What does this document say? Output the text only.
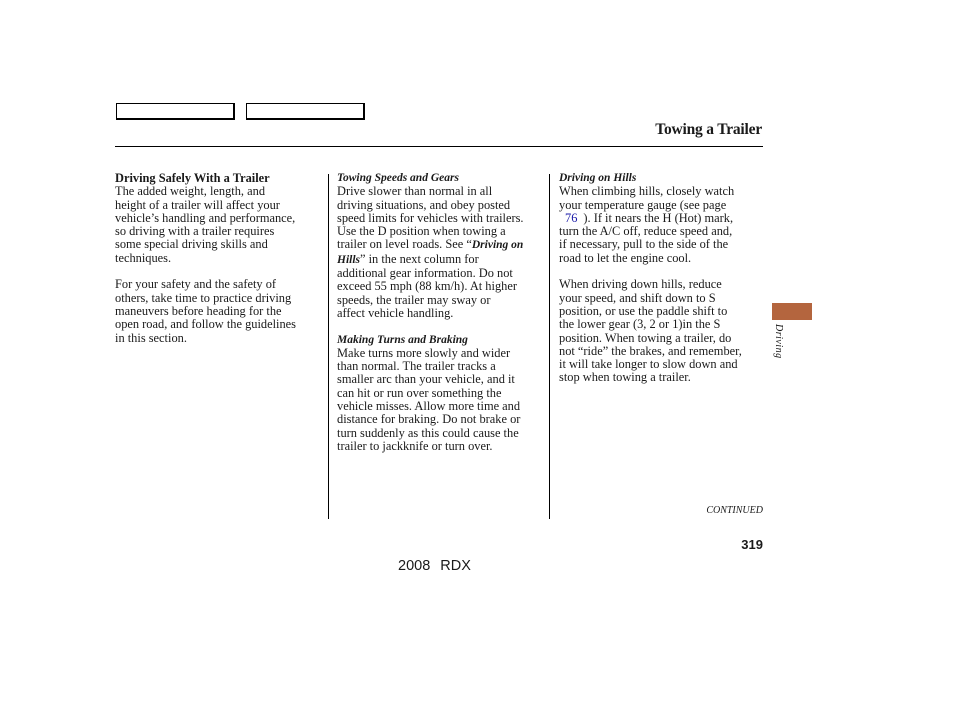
Towing a Trailer

Driving Safely With a Trailer

The added weight, length, and

height of a trailer will affect your

vehicle’s handling and performance,

so driving with a trailer requires

some special driving skills and

techniques.

For your safety and the safety of

others, take time to practice driving

maneuvers before heading for the

open road, and follow the guidelines

in this section.

Towing Speeds and Gears

Drive slower than normal in all

driving situations, and obey posted

speed limits for vehicles with trailers.

Use the D position when towing a

trailer on level roads. See “Driving on

Hills” in the next column for

additional gear information. Do not

exceed 55 mph (88 km/h). At higher

speeds, the trailer may sway or

affect vehicle handling.

Making Turns and Braking

Make turns more slowly and wider

than normal. The trailer tracks a

smaller arc than your vehicle, and it

can hit or run over something the

vehicle misses. Allow more time and

distance for braking. Do not brake or

turn suddenly as this could cause the

trailer to jackknife or turn over.

Driving on Hills

When climbing hills, closely watch

your temperature gauge (see page

76 ). If it nears the H (Hot) mark,

turn the A/C off, reduce speed and,

if necessary, pull to the side of the

road to let the engine cool.

When driving down hills, reduce

your speed, and shift down to S

position, or use the paddle shift to

the lower gear (3, 2 or 1)in the S

position. When towing a trailer, do

not “ride” the brakes, and remember,

it will take longer to slow down and

stop when towing a trailer.

Driving
CONTINUED
319
2008 RDX
